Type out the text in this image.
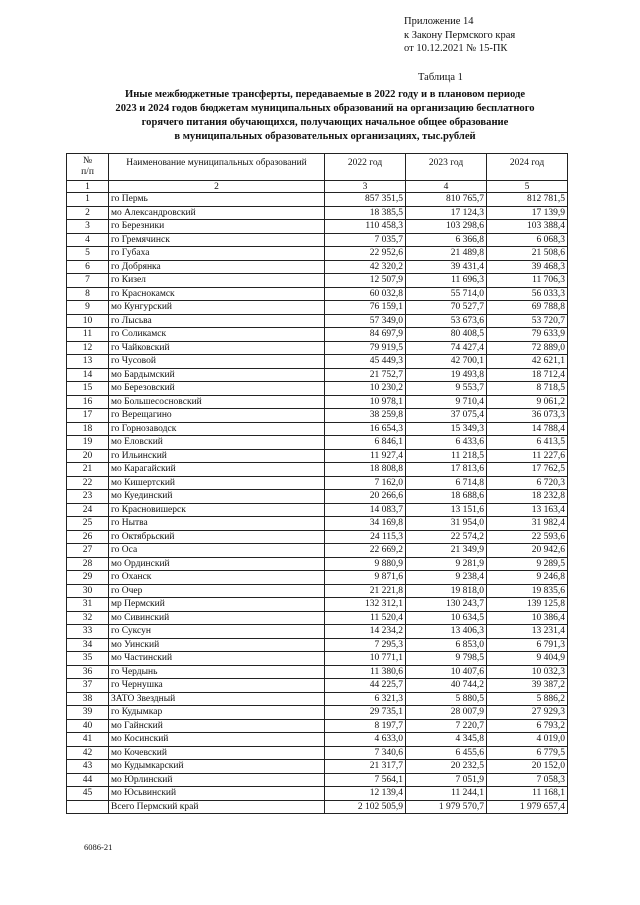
Приложение 14
к Закону Пермского края
от 10.12.2021 № 15-ПК
Таблица 1
Иные межбюджетные трансферты, передаваемые в 2022 году и в плановом периоде
2023 и 2024 годов бюджетам муниципальных образований на организацию бесплатного
горячего питания обучающихся, получающих начальное общее образование
в муниципальных образовательных организациях, тыс.рублей
№
п/п	Наименование муниципальных образований	2022 год	2023 год	2024 год
1	2	3	4	5
1	го Пермь	857 351,5	810 765,7	812 781,5
2	мо Александровский	18 385,5	17 124,3	17 139,9
3	го Березники	110 458,3	103 298,6	103 388,4
4	го Гремячинск	7 035,7	6 366,8	6 068,3
5	го Губаха	22 952,6	21 489,8	21 508,6
6	го Добрянка	42 320,2	39 431,4	39 468,3
7	го Кизел	12 507,9	11 696,3	11 706,3
8	го Краснокамск	60 032,8	55 714,0	56 033,3
9	мо Кунгурский	76 159,1	70 527,7	69 788,8
10	го Лысьва	57 349,0	53 673,6	53 720,7
11	го Соликамск	84 697,9	80 408,5	79 633,9
12	го Чайковский	79 919,5	74 427,4	72 889,0
13	го Чусовой	45 449,3	42 700,1	42 621,1
14	мо Бардымский	21 752,7	19 493,8	18 712,4
15	мо Березовский	10 230,2	9 553,7	8 718,5
16	мо Большесосновский	10 978,1	9 710,4	9 061,2
17	го Верещагино	38 259,8	37 075,4	36 073,3
18	го Горнозаводск	16 654,3	15 349,3	14 788,4
19	мо Еловский	6 846,1	6 433,6	6 413,5
20	го Ильинский	11 927,4	11 218,5	11 227,6
21	мо Карагайский	18 808,8	17 813,6	17 762,5
22	мо Кишертский	7 162,0	6 714,8	6 720,3
23	мо Куединский	20 266,6	18 688,6	18 232,8
24	го Красновишерск	14 083,7	13 151,6	13 163,4
25	го Нытва	34 169,8	31 954,0	31 982,4
26	го Октябрьский	24 115,3	22 574,2	22 593,6
27	го Оса	22 669,2	21 349,9	20 942,6
28	мо Ординский	9 880,9	9 281,9	9 289,5
29	го Оханск	9 871,6	9 238,4	9 246,8
30	го Очер	21 221,8	19 818,0	19 835,6
31	мр Пермский	132 312,1	130 243,7	139 125,8
32	мо Сивинский	11 520,4	10 634,5	10 386,4
33	го Суксун	14 234,2	13 406,3	13 231,4
34	мо Уинский	7 295,3	6 853,0	6 791,3
35	мо Частинский	10 771,1	9 798,5	9 404,9
36	го Чердынь	11 380,6	10 407,6	10 032,3
37	го Чернушка	44 225,7	40 744,2	39 387,2
38	ЗАТО Звездный	6 321,3	5 880,5	5 886,2
39	го Кудымкар	29 735,1	28 007,9	27 929,3
40	мо Гайнский	8 197,7	7 220,7	6 793,2
41	мо Косинский	4 633,0	4 345,8	4 019,0
42	мо Кочевский	7 340,6	6 455,6	6 779,5
43	мо Кудымкарский	21 317,7	20 232,5	20 152,0
44	мо Юрлинский	7 564,1	7 051,9	7 058,3
45	мо Юсьвинский	12 139,4	11 244,1	11 168,1
	Всего Пермский край	2 102 505,9	1 979 570,7	1 979 657,4
6086-21
